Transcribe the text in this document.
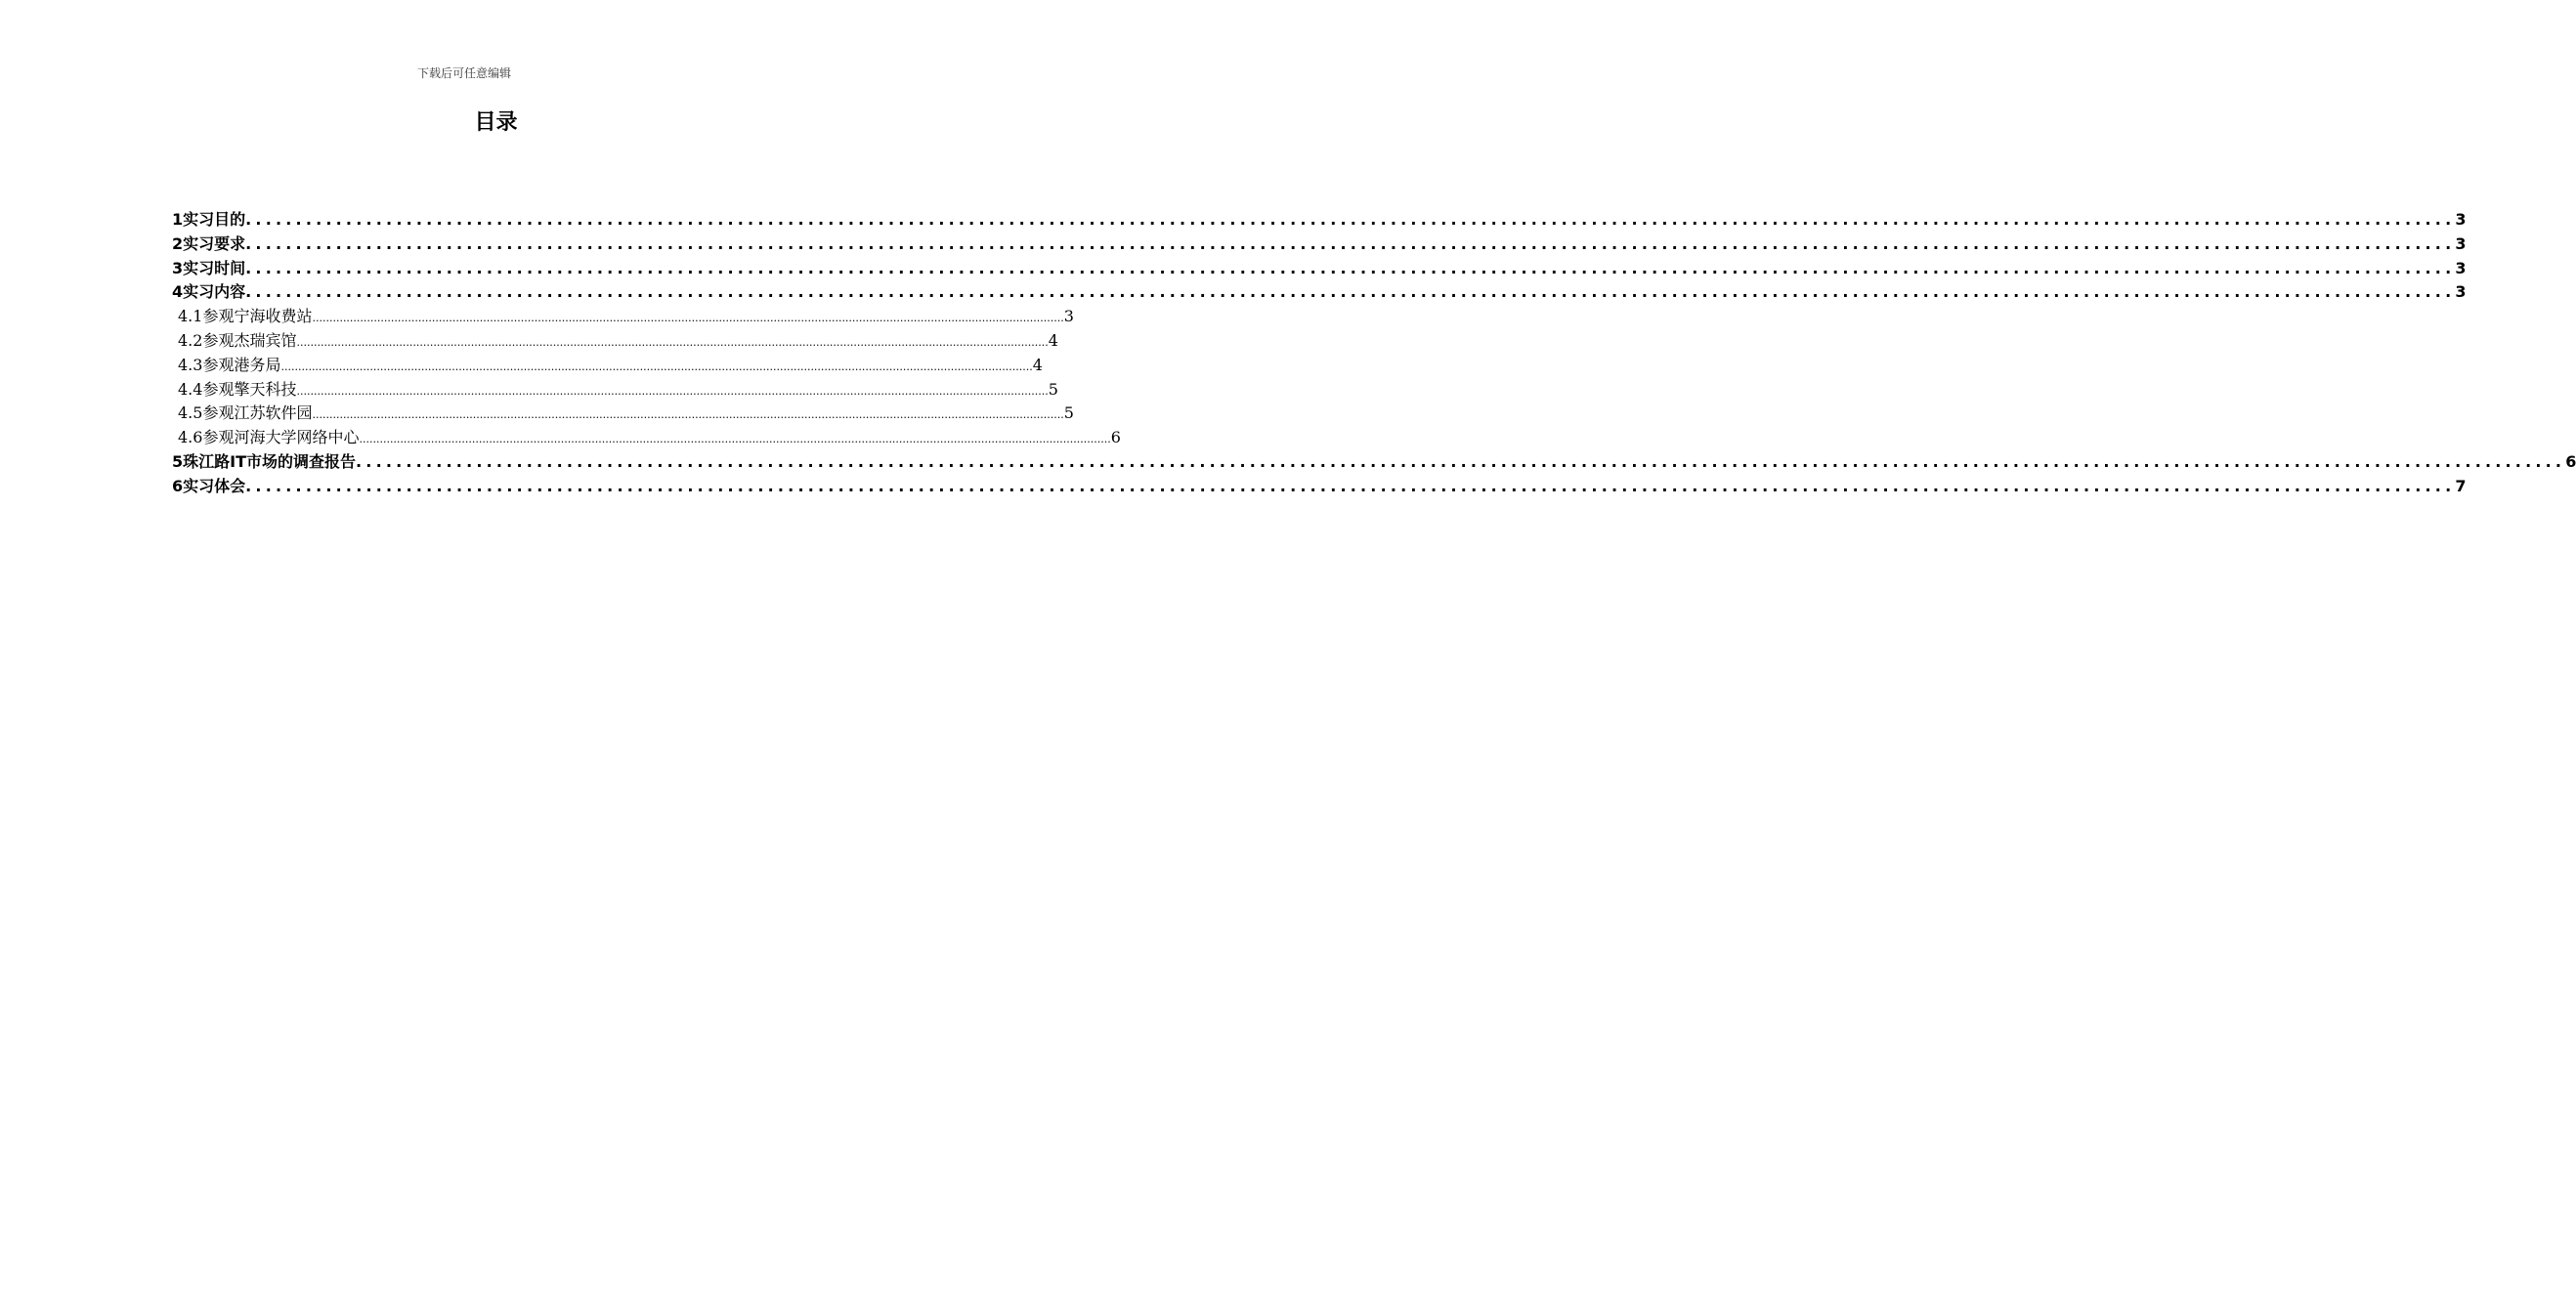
下载后可任意编辑
目录
1 实习目的 ............................................................................................................................................................................................................................ 3
2 实习要求 ............................................................................................................................................................................................................................ 3
3 实习时间 ............................................................................................................................................................................................................................ 3
4 实习内容 ............................................................................................................................................................................................................................ 3
4.1 参观宁海收费站 ............................................................................................................................................................................................................................ 3
4.2 参观杰瑞宾馆 ............................................................................................................................................................................................................................ 4
4.3 参观港务局 ............................................................................................................................................................................................................................ 4
4.4 参观擎天科技 ............................................................................................................................................................................................................................ 5
4.5 参观江苏软件园 ............................................................................................................................................................................................................................ 5
4.6 参观河海大学网络中心 ............................................................................................................................................................................................................................ 6
5 珠江路IT市场的调查报告 ............................................................................................................................................................................................................................ 6
6 实习体会 ............................................................................................................................................................................................................................ 7
